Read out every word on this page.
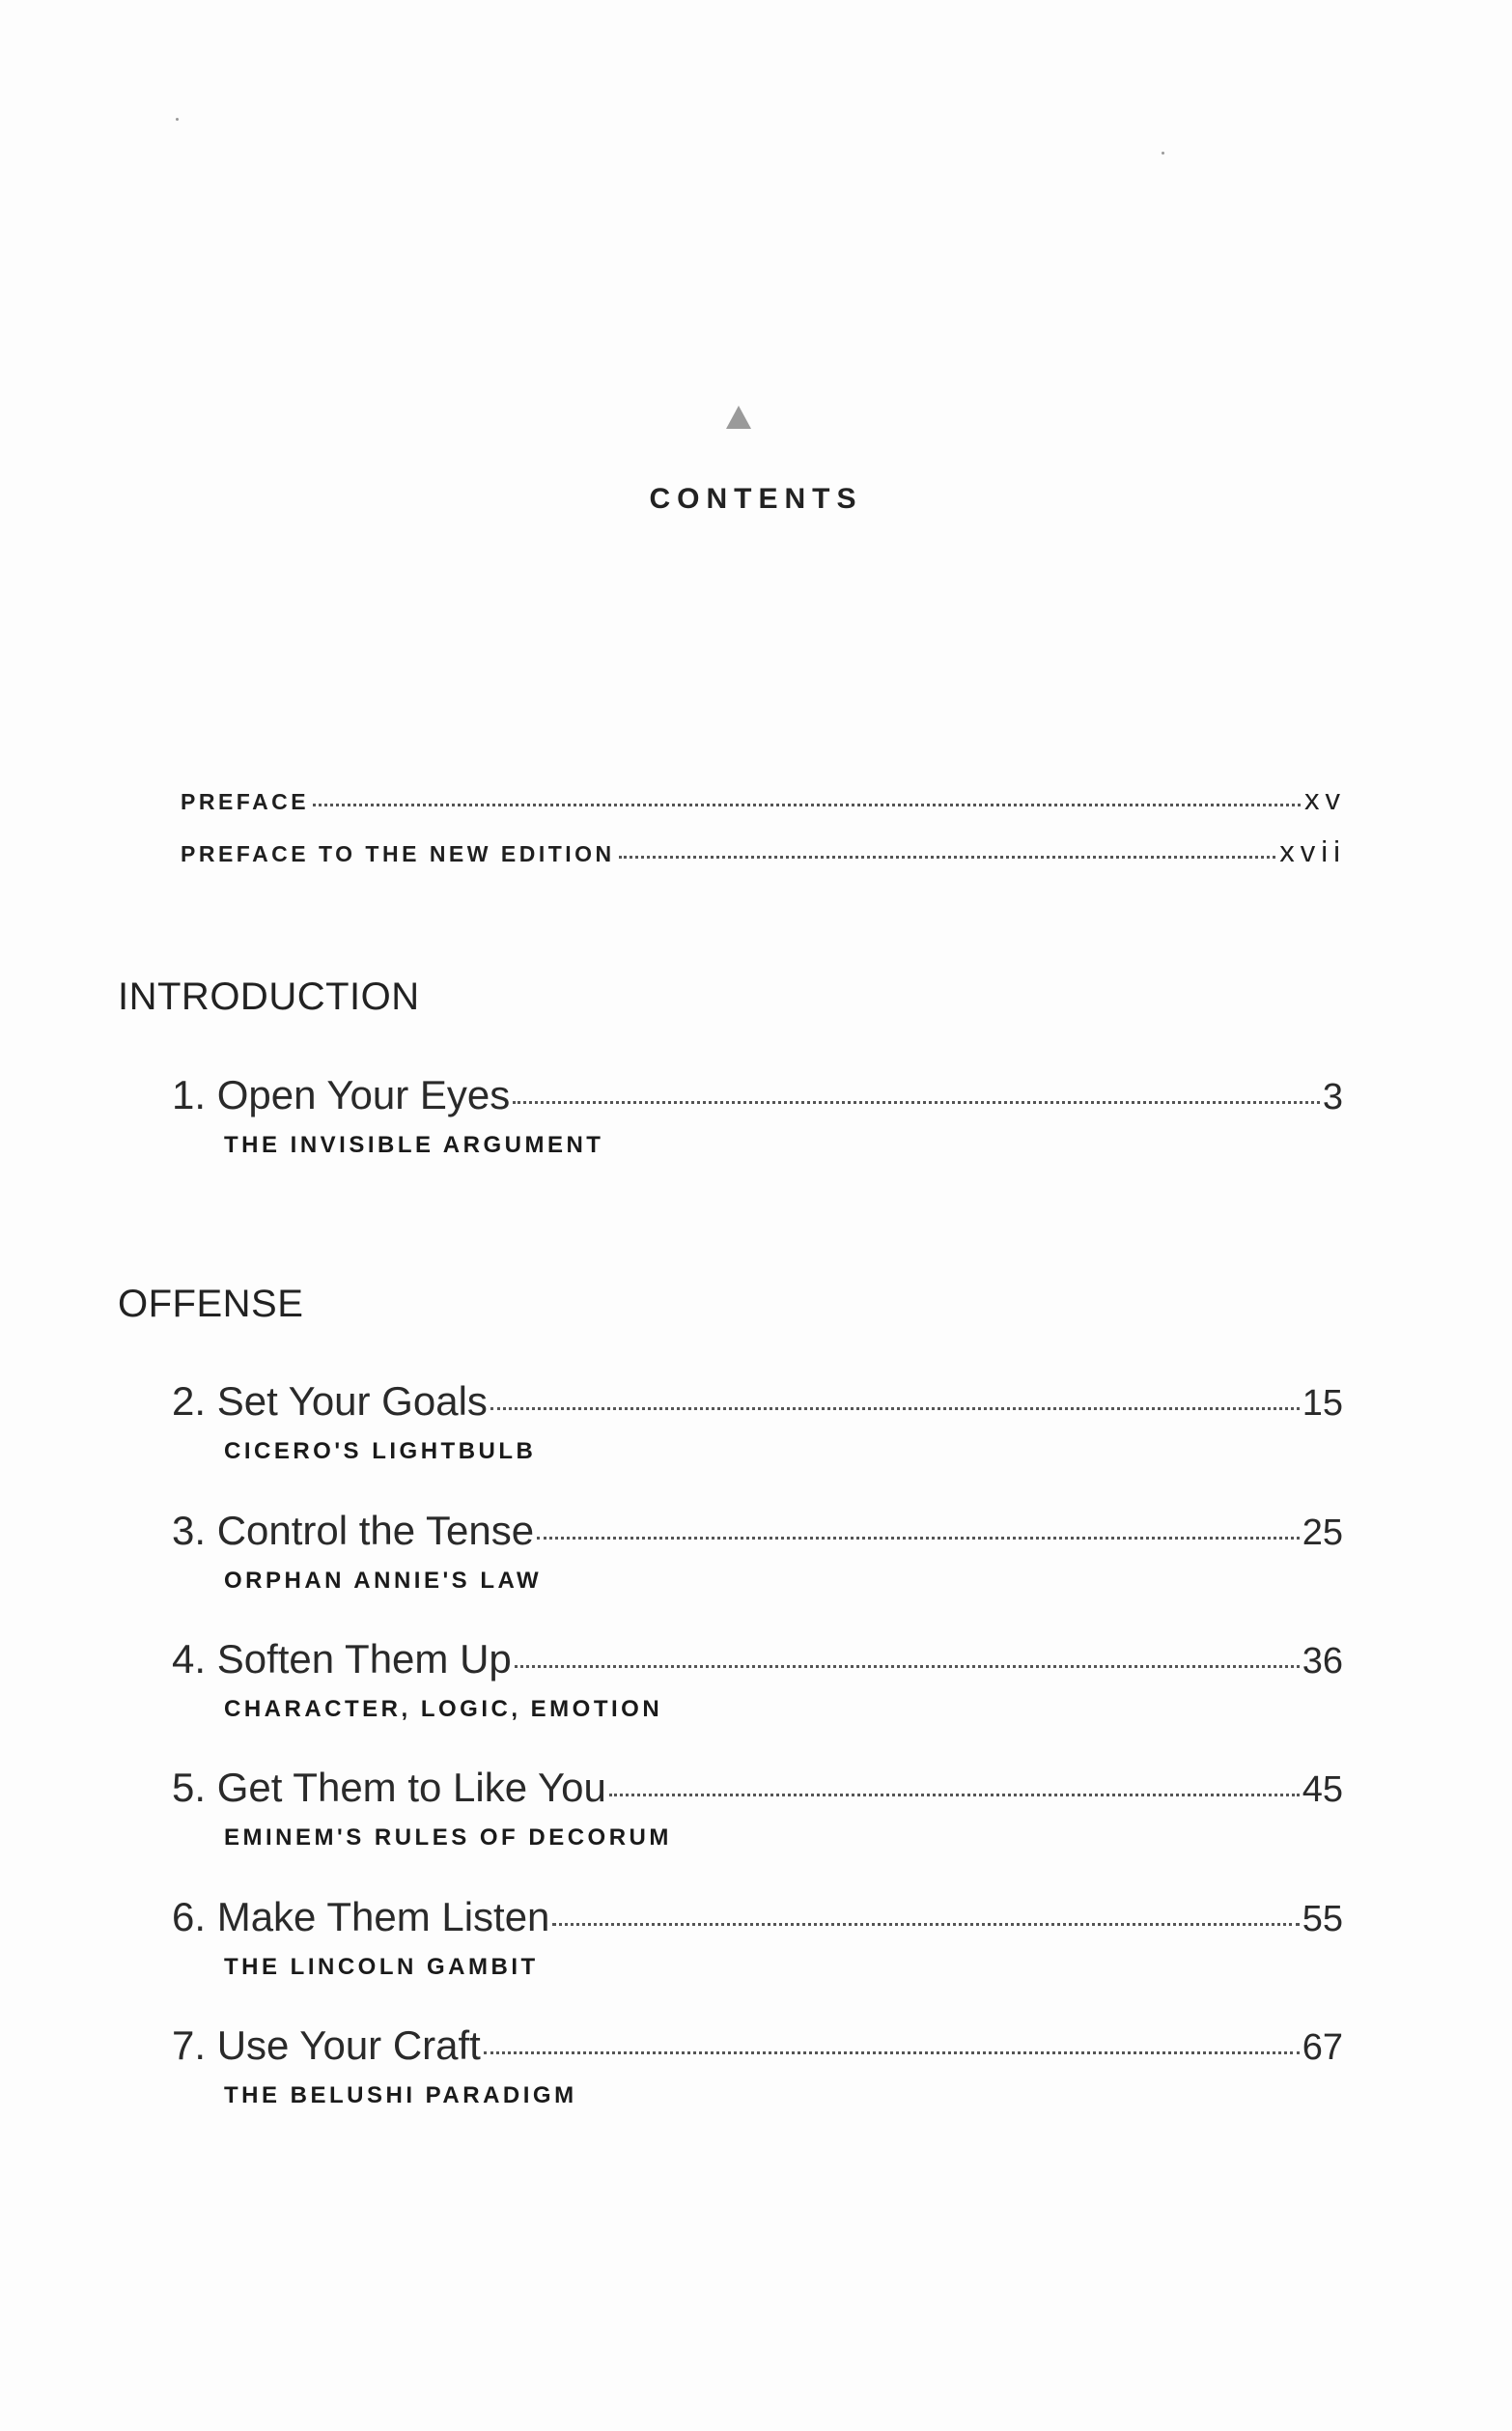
CONTENTS
PREFACE	xv
PREFACE TO THE NEW EDITION	xvii
INTRODUCTION
1. Open Your Eyes	3
THE INVISIBLE ARGUMENT
OFFENSE
2. Set Your Goals	15
CICERO'S LIGHTBULB
3. Control the Tense	25
ORPHAN ANNIE'S LAW
4. Soften Them Up	36
CHARACTER, LOGIC, EMOTION
5. Get Them to Like You	45
EMINEM'S RULES OF DECORUM
6. Make Them Listen	55
THE LINCOLN GAMBIT
7. Use Your Craft	67
THE BELUSHI PARADIGM
